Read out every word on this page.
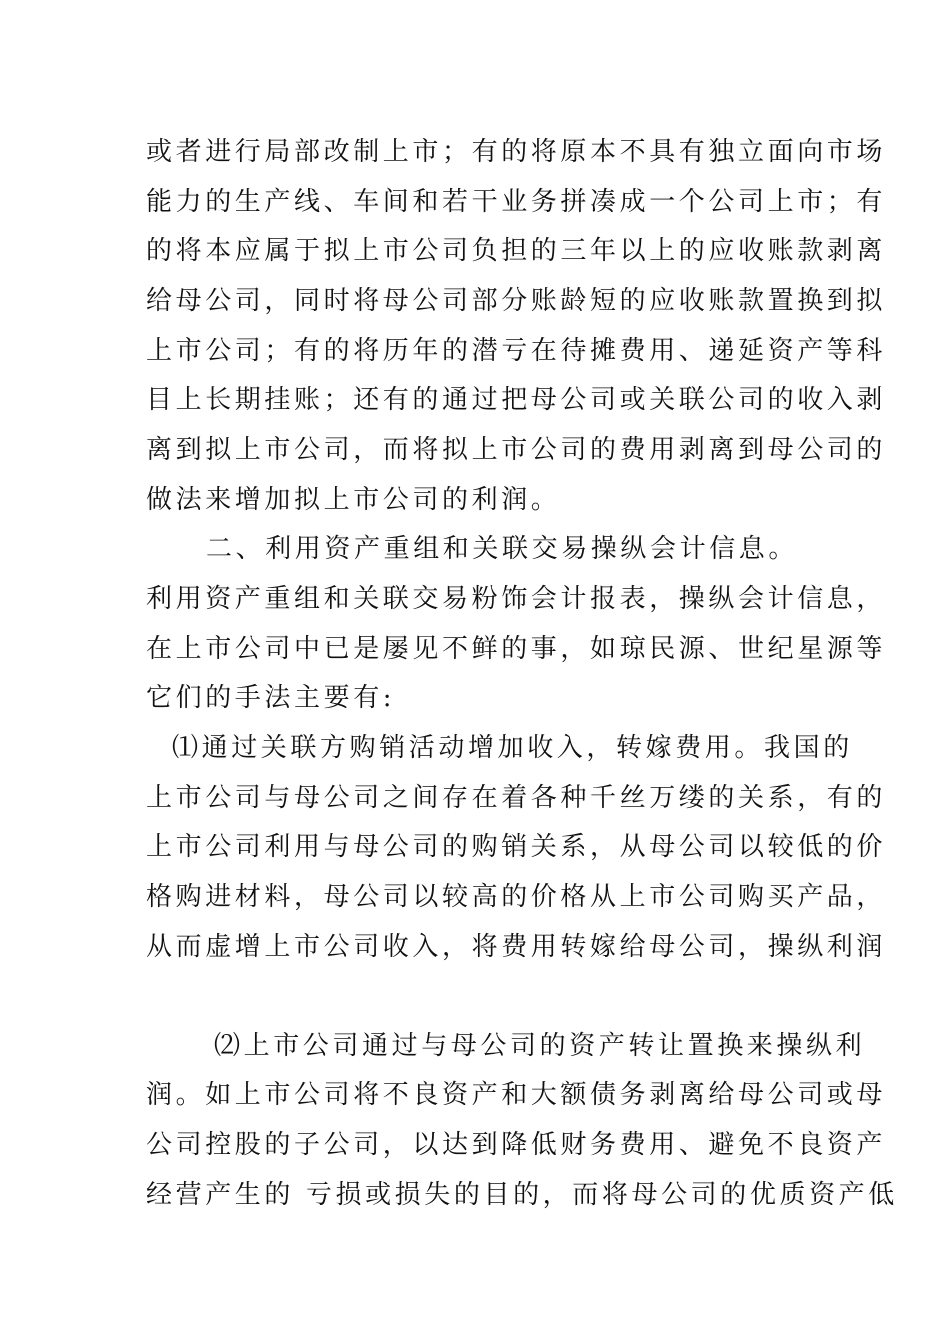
或者进行局部改制上市；有的将原本不具有独立面向市场
能力的生产线、车间和若干业务拼凑成一个公司上市；有
的将本应属于拟上市公司负担的三年以上的应收账款剥离
给母公司，同时将母公司部分账龄短的应收账款置换到拟
上市公司；有的将历年的潜亏在待摊费用、递延资产等科
目上长期挂账；还有的通过把母公司或关联公司的收入剥
离到拟上市公司，而将拟上市公司的费用剥离到母公司的
做法来增加拟上市公司的利润。
二、利用资产重组和关联交易操纵会计信息。
利用资产重组和关联交易粉饰会计报表，操纵会计信息，
在上市公司中已是屡见不鲜的事，如琼民源、世纪星源等
它们的手法主要有:
⑴通过关联方购销活动增加收入，转嫁费用。我国的
上市公司与母公司之间存在着各种千丝万缕的关系，有的
上市公司利用与母公司的购销关系，从母公司以较低的价
格购进材料，母公司以较高的价格从上市公司购买产品，
从而虚增上市公司收入，将费用转嫁给母公司，操纵利润
⑵上市公司通过与母公司的资产转让置换来操纵利
润。如上市公司将不良资产和大额债务剥离给母公司或母
公司控股的子公司，以达到降低财务费用、避免不良资产
经营产生的 亏损或损失的目的，而将母公司的优质资产低
